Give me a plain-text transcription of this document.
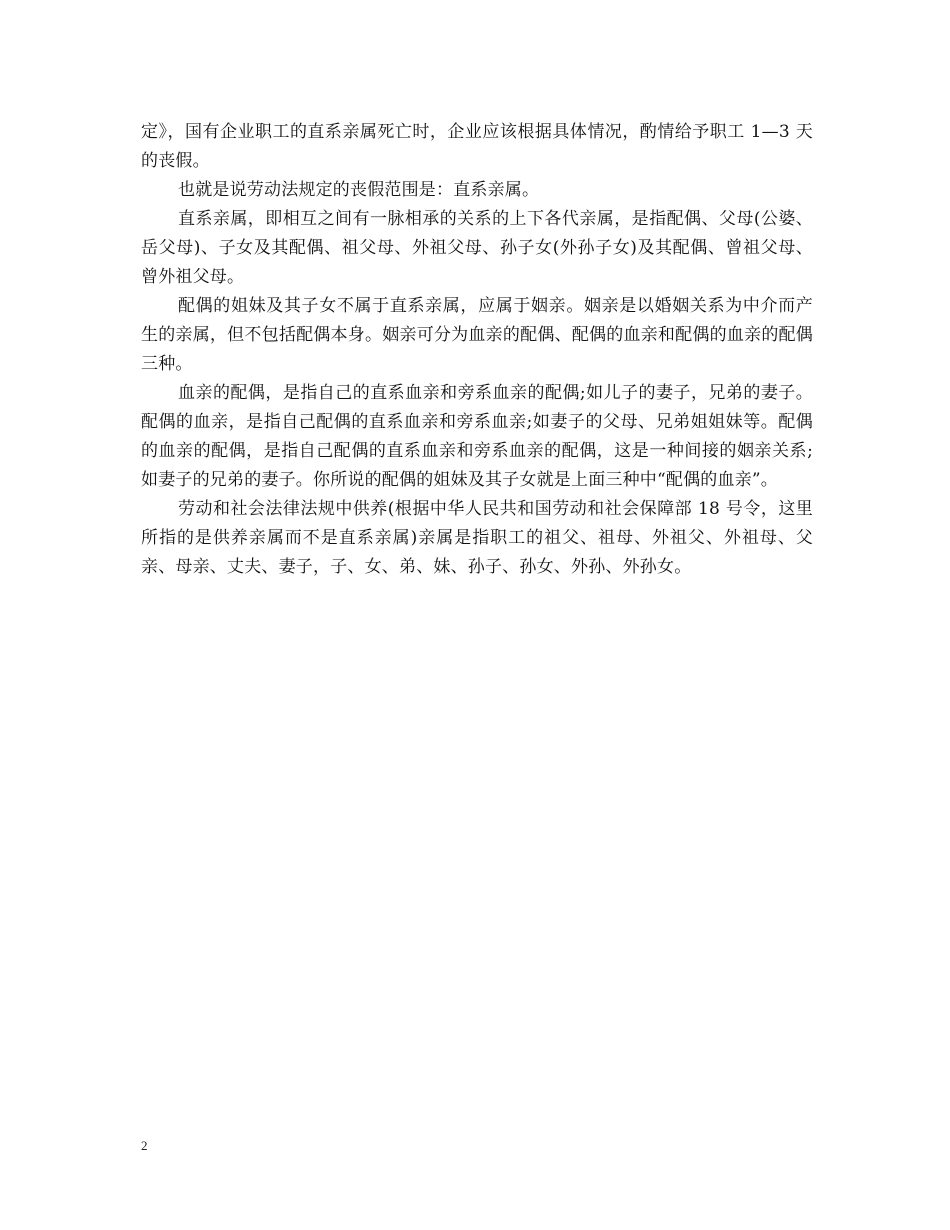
定》，国有企业职工的直系亲属死亡时，企业应该根据具体情况，酌情给予职工 1—3 天的丧假。

也就是说劳动法规定的丧假范围是：直系亲属。

直系亲属，即相互之间有一脉相承的关系的上下各代亲属，是指配偶、父母(公婆、岳父母)、子女及其配偶、祖父母、外祖父母、孙子女(外孙子女)及其配偶、曾祖父母、曾外祖父母。

配偶的姐妹及其子女不属于直系亲属，应属于姻亲。姻亲是以婚姻关系为中介而产生的亲属，但不包括配偶本身。姻亲可分为血亲的配偶、配偶的血亲和配偶的血亲的配偶三种。

血亲的配偶，是指自己的直系血亲和旁系血亲的配偶;如儿子的妻子，兄弟的妻子。配偶的血亲，是指自己配偶的直系血亲和旁系血亲;如妻子的父母、兄弟姐姐妹等。配偶的血亲的配偶，是指自己配偶的直系血亲和旁系血亲的配偶，这是一种间接的姻亲关系;如妻子的兄弟的妻子。你所说的配偶的姐妹及其子女就是上面三种中“配偶的血亲”。

劳动和社会法律法规中供养(根据中华人民共和国劳动和社会保障部 18 号令，这里所指的是供养亲属而不是直系亲属)亲属是指职工的祖父、祖母、外祖父、外祖母、父亲、母亲、丈夫、妻子，子、女、弟、妹、孙子、孙女、外孙、外孙女。

2
